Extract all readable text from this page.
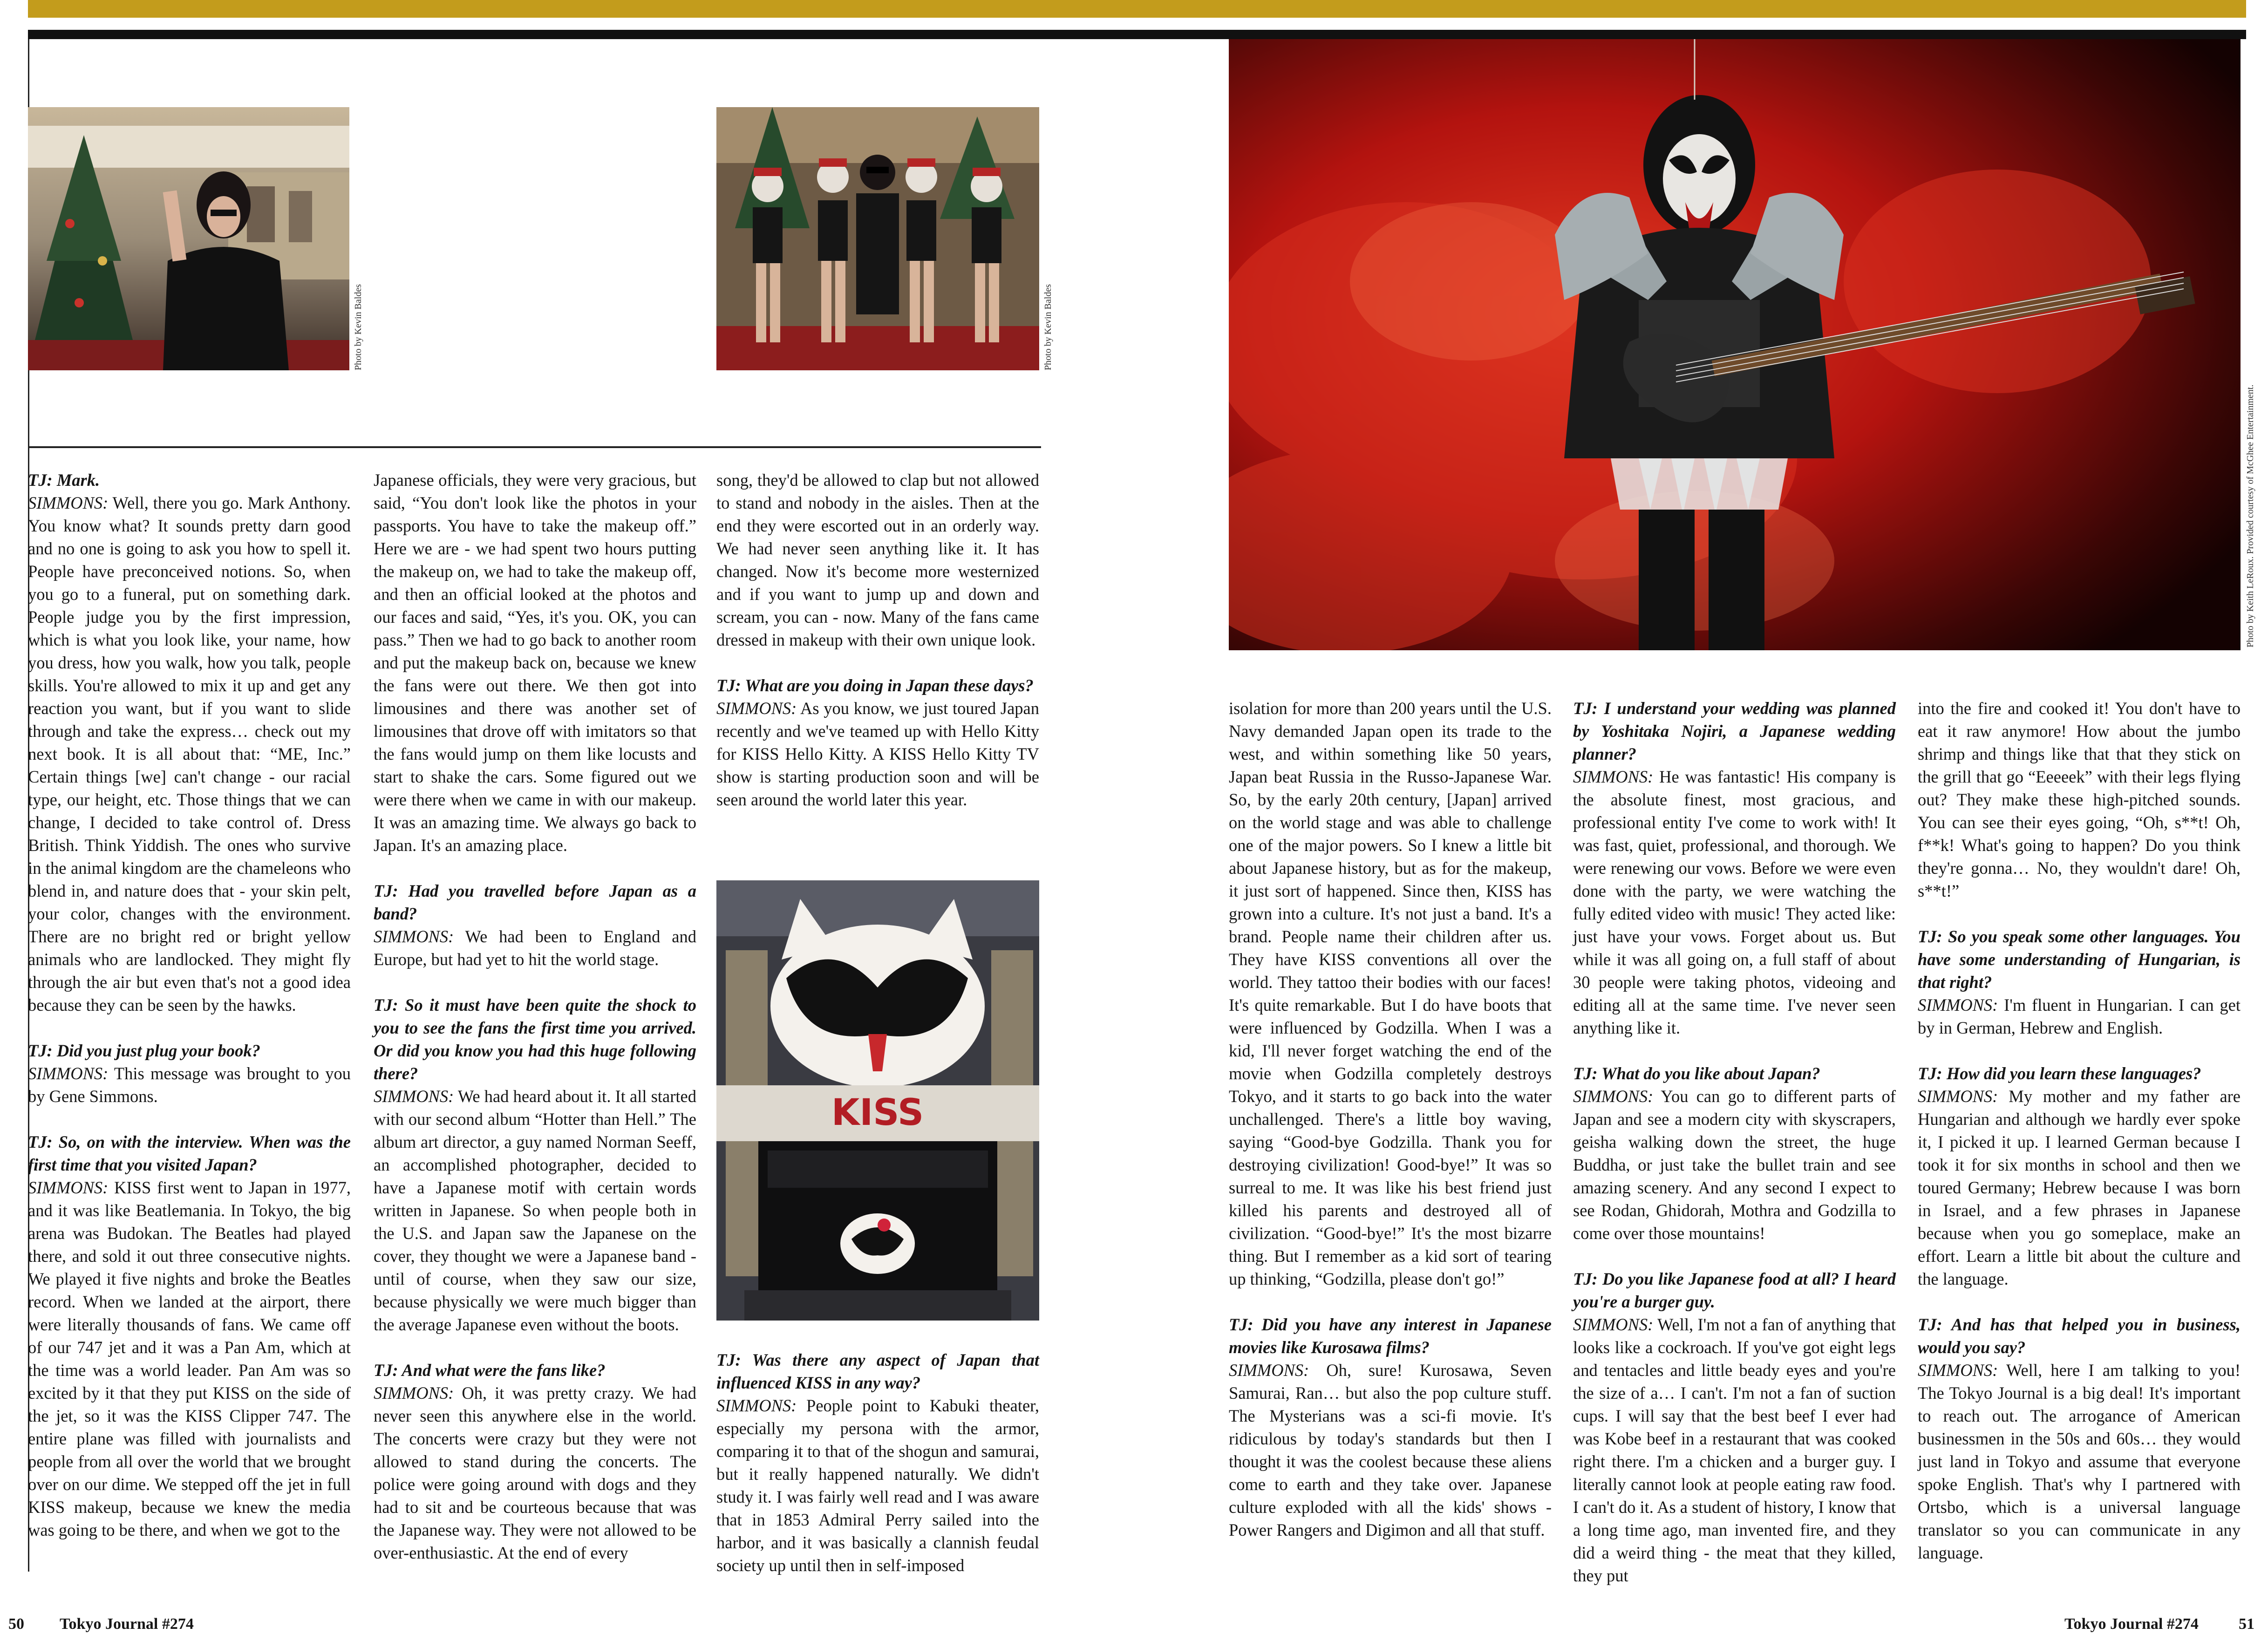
Photo by Kevin Baldes	Photo by Kevin Baldes
KISS
Photo by Keith LeRoux. Provided courtesy of McGhee Entertainment.

TJ: Mark.

SIMMONS: Well, there you go. Mark Anthony. You know what? It sounds pretty darn good and no one is going to ask you how to spell it. People have preconceived notions. So, when you go to a funeral, put on something dark. People judge you by the first impression, which is what you look like, your name, how you dress, how you walk, how you talk, people skills. You're allowed to mix it up and get any reaction you want, but if you want to slide through and take the express… check out my next book. It is all about that: “ME, Inc.” Certain things [we] can't change - our racial type, our height, etc. Those things that we can change, I decided to take control of. Dress British. Think Yiddish. The ones who survive in the animal kingdom are the chameleons who blend in, and nature does that - your skin pelt, your color, changes with the environment. There are no bright red or bright yellow animals who are landlocked. They might fly through the air but even that's not a good idea because they can be seen by the hawks.

TJ: Did you just plug your book?

SIMMONS: This message was brought to you by Gene Simmons.

TJ: So, on with the interview. When was the first time that you visited Japan?

SIMMONS: KISS first went to Japan in 1977, and it was like Beatlemania. In Tokyo, the big arena was Budokan. The Beatles had played there, and sold it out three consecutive nights. We played it five nights and broke the Beatles record. When we landed at the airport, there were literally thousands of fans. We came off of our 747 jet and it was a Pan Am, which at the time was a world leader. Pan Am was so excited by it that they put KISS on the side of the jet, so it was the KISS Clipper 747. The entire plane was filled with journalists and people from all over the world that we brought over on our dime. We stepped off the jet in full KISS makeup, because we knew the media was going to be there, and when we got to the

Japanese officials, they were very gracious, but said, “You don't look like the photos in your passports. You have to take the makeup off.” Here we are - we had spent two hours putting the makeup on, we had to take the makeup off, and then an official looked at the photos and our faces and said, “Yes, it's you. OK, you can pass.” Then we had to go back to another room and put the makeup back on, because we knew the fans were out there. We then got into limousines and there was another set of limousines that drove off with imitators so that the fans would jump on them like locusts and start to shake the cars. Some figured out we were there when we came in with our makeup. It was an amazing time. We always go back to Japan. It's an amazing place.

TJ: Had you travelled before Japan as a band?

SIMMONS: We had been to England and Europe, but had yet to hit the world stage.

TJ: So it must have been quite the shock to you to see the fans the first time you arrived. Or did you know you had this huge following there?

SIMMONS: We had heard about it. It all started with our second album “Hotter than Hell.” The album art director, a guy named Norman Seeff, an accomplished photographer, decided to have a Japanese motif with certain words written in Japanese. So when people both in the U.S. and Japan saw the Japanese on the cover, they thought we were a Japanese band - until of course, when they saw our size, because physically we were much bigger than the average Japanese even without the boots.

TJ: And what were the fans like?

SIMMONS: Oh, it was pretty crazy. We had never seen this anywhere else in the world. The concerts were crazy but they were not allowed to stand during the concerts. The police were going around with dogs and they had to sit and be courteous because that was the Japanese way. They were not allowed to be over-enthusiastic. At the end of every

song, they'd be allowed to clap but not allowed to stand and nobody in the aisles. Then at the end they were escorted out in an orderly way. We had never seen anything like it. It has changed. Now it's become more westernized and if you want to jump up and down and scream, you can - now. Many of the fans came dressed in makeup with their own unique look.

TJ: What are you doing in Japan these days?

SIMMONS: As you know, we just toured Japan recently and we've teamed up with Hello Kitty for KISS Hello Kitty. A KISS Hello Kitty TV show is starting production soon and will be seen around the world later this year.

TJ: Was there any aspect of Japan that influenced KISS in any way?

SIMMONS: People point to Kabuki theater, especially my persona with the armor, comparing it to that of the shogun and samurai, but it really happened naturally. We didn't study it. I was fairly well read and I was aware that in 1853 Admiral Perry sailed into the harbor, and it was basically a clannish feudal society up until then in self-imposed

isolation for more than 200 years until the U.S. Navy demanded Japan open its trade to the west, and within something like 50 years, Japan beat Russia in the Russo-Japanese War. So, by the early 20th century, [Japan] arrived on the world stage and was able to challenge one of the major powers. So I knew a little bit about Japanese history, but as for the makeup, it just sort of happened. Since then, KISS has grown into a culture. It's not just a band. It's a brand. People name their children after us. They have KISS conventions all over the world. They tattoo their bodies with our faces! It's quite remarkable. But I do have boots that were influenced by Godzilla. When I was a kid, I'll never forget watching the end of the movie when Godzilla completely destroys Tokyo, and it starts to go back into the water unchallenged. There's a little boy waving, saying “Good-bye Godzilla. Thank you for destroying civilization! Good-bye!” It was so surreal to me. It was like his best friend just killed his parents and destroyed all of civilization. “Good-bye!” It's the most bizarre thing. But I remember as a kid sort of tearing up thinking, “Godzilla, please don't go!”

TJ: Did you have any interest in Japanese movies like Kurosawa films?

SIMMONS: Oh, sure! Kurosawa, Seven Samurai, Ran… but also the pop culture stuff. The Mysterians was a sci-fi movie. It's ridiculous by today's standards but then I thought it was the coolest because these aliens come to earth and they take over. Japanese culture exploded with all the kids' shows - Power Rangers and Digimon and all that stuff.

TJ: I understand your wedding was planned by Yoshitaka Nojiri, a Japanese wedding planner?

SIMMONS: He was fantastic! His company is the absolute finest, most gracious, and professional entity I've come to work with! It was fast, quiet, professional, and thorough. We were renewing our vows. Before we were even done with the party, we were watching the fully edited video with music! They acted like: just have your vows. Forget about us. But while it was all going on, a full staff of about 30 people were taking photos, videoing and editing all at the same time. I've never seen anything like it.

TJ: What do you like about Japan?

SIMMONS: You can go to different parts of Japan and see a modern city with skyscrapers, geisha walking down the street, the huge Buddha, or just take the bullet train and see amazing scenery. And any second I expect to see Rodan, Ghidorah, Mothra and Godzilla to come over those mountains!

TJ: Do you like Japanese food at all? I heard you're a burger guy.

SIMMONS: Well, I'm not a fan of anything that looks like a cockroach. If you've got eight legs and tentacles and little beady eyes and you're the size of a… I can't. I'm not a fan of suction cups. I will say that the best beef I ever had was Kobe beef in a restaurant that was cooked right there. I'm a chicken and a burger guy. I literally cannot look at people eating raw food. I can't do it. As a student of history, I know that a long time ago, man invented fire, and they did a weird thing - the meat that they killed, they put

into the fire and cooked it! You don't have to eat it raw anymore! How about the jumbo shrimp and things like that that they stick on the grill that go “Eeeeek” with their legs flying out? They make these high-pitched sounds. You can see their eyes going, “Oh, s**t! Oh, f**k! What's going to happen? Do you think they're gonna… No, they wouldn't dare! Oh, s**t!”

TJ: So you speak some other languages. You have some understanding of Hungarian, is that right?

SIMMONS: I'm fluent in Hungarian. I can get by in German, Hebrew and English.

TJ: How did you learn these languages?

SIMMONS: My mother and my father are Hungarian and although we hardly ever spoke it, I picked it up. I learned German because I took it for six months in school and then we toured Germany; Hebrew because I was born in Israel, and a few phrases in Japanese because when you go someplace, make an effort. Learn a little bit about the culture and the language.

TJ: And has that helped you in business, would you say?

SIMMONS: Well, here I am talking to you! The Tokyo Journal is a big deal! It's important to reach out. The arrogance of American businessmen in the 50s and 60s… they would just land in Tokyo and assume that everyone spoke English. That's why I partnered with Ortsbo, which is a universal language translator so you can communicate in any language.

50 Tokyo Journal #274	Tokyo Journal #274	51
